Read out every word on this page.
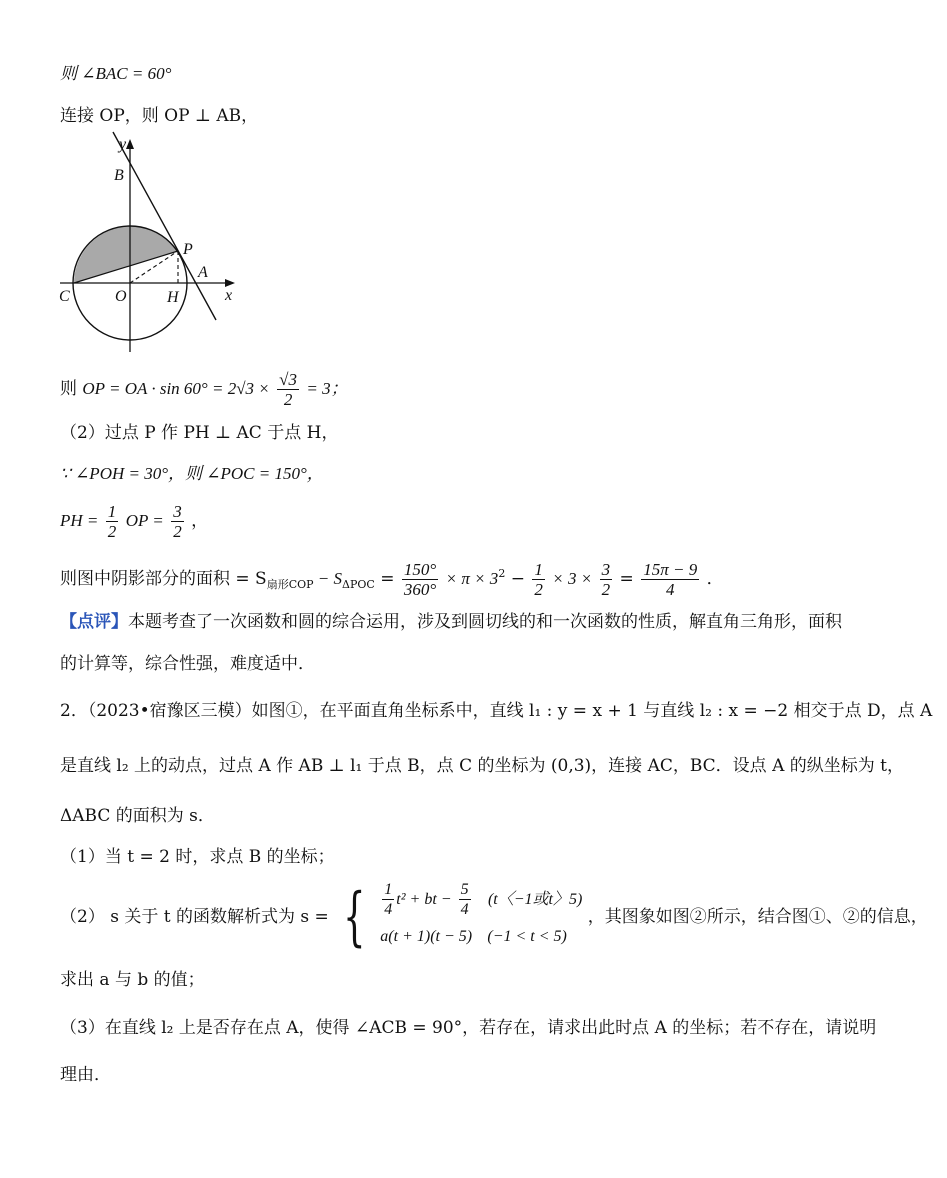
则 ∠BAC = 60°
连接 OP，则 OP ⊥ AB，
y
B
P
A
C	O	H	x
则 OP = OA · $\sin 60^\circ = 2√3 \times \frac{√3}{2} = 3$；
（2）过点 P 作 PH ⊥ AC 于点 H，
∵ ∠POH = 30°，则 ∠POC = 150°，
PH = $\frac{1}{2}$ OP = $\frac{3}{2}$ ，
则图中阴影部分的面积 = $S_{扇形COP} - S_{\Delta POC} = \frac{150^\circ}{360^\circ} \times \pi \times 3^2 - \frac{1}{2} \times 3 \times \frac{3}{2} = \frac{15\pi - 9}{4}$ ．
【点评】本题考查了一次函数和圆的综合运用，涉及到圆切线的和一次函数的性质，解直角三角形，面积
的计算等，综合性强，难度适中．
2．（2023•宿豫区三模）如图①，在平面直角坐标系中，直线 l₁ : y = x + 1 与直线 l₂ : x = −2 相交于点 D，点 A
是直线 l₂ 上的动点，过点 A 作 AB ⊥ l₁ 于点 B，点 C 的坐标为 (0,3)，连接 AC，BC．设点 A 的纵坐标为 t，
ΔABC 的面积为 s．
（1）当 t = 2 时，求点 B 的坐标；
（2） s 关于 t 的函数解析式为 s = { $\frac{1}{4} t^2$ + bt − $\frac{5}{4} (t$〈−1或t〉5)
a(t + 1)(t − 5) (−1 < t < 5)
，其图象如图②所示，结合图①、②的信息，
求出 a 与 b 的值；
（3）在直线 l₂ 上是否存在点 A，使得 ∠ACB = 90°，若存在，请求出此时点 A 的坐标；若不存在，请说明
理由．
